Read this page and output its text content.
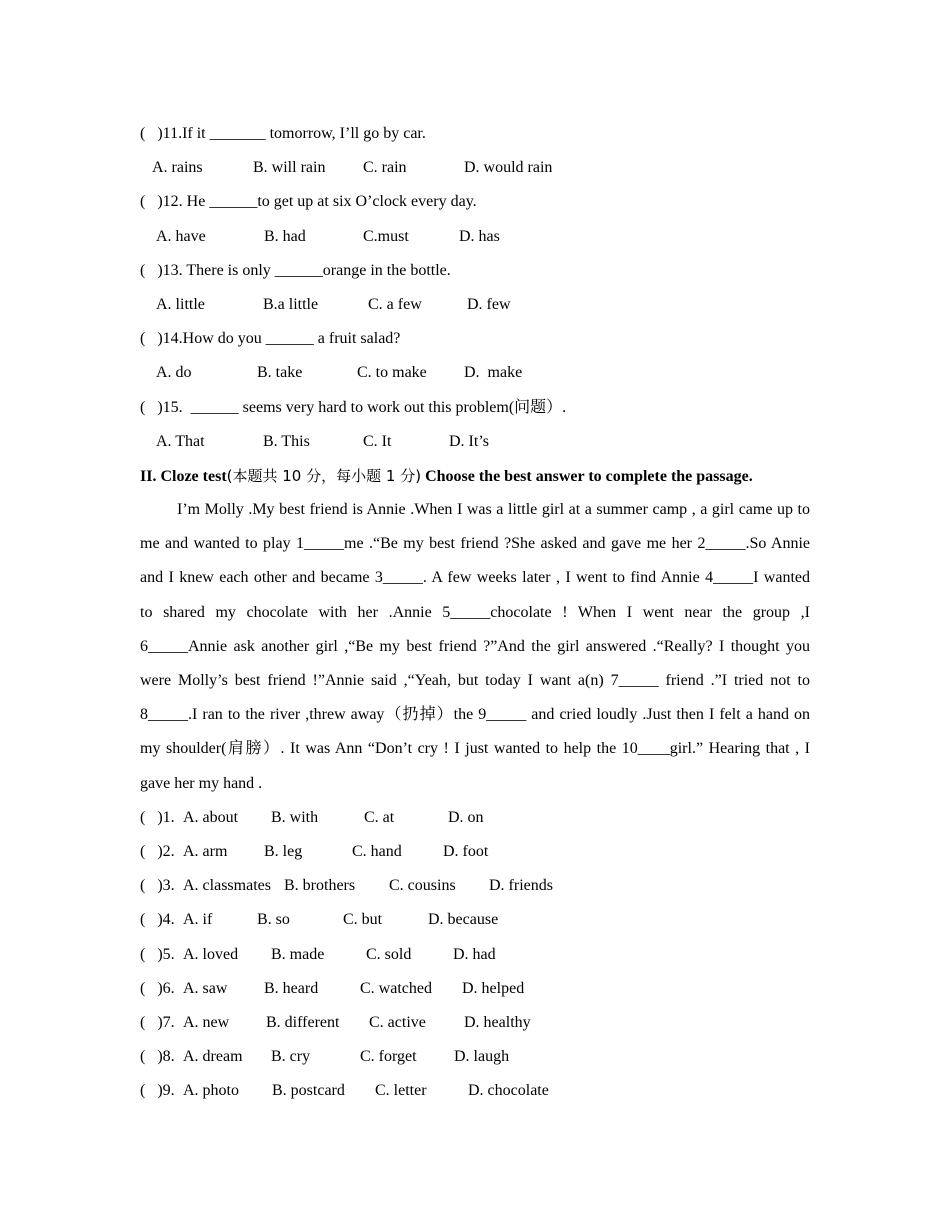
(   )11.If it _______ tomorrow, I’ll go by car.
A. rains	B. will rain C. rain	D. would rain
(   )12. He ______to get up at six O’clock every day.
A. have	B. had	C.must	D. has
(   )13. There is only ______orange in the bottle.
A. little	B.a little	C. a few	D. few
(   )14.How do you ______ a fruit salad?
A. do	B. take	C. to make D.  make
(   )15.  ______ seems very hard to work out this problem(问题）.
A. That	B. This	C. It	D. It’s
II. Cloze test(本题共 10 分，每小题 1 分) Choose the best answer to complete the passage.
I’m Molly .My best friend is Annie .When I was a little girl at a summer camp , a girl came up to
me and wanted to play 1_____me .“Be my best friend ?She asked and gave me her 2_____.So Annie
and I knew each other and became 3_____. A few weeks later , I went to find Annie 4_____I wanted
to shared my chocolate with her .Annie 5_____chocolate ! When I went near the group ,I
6_____Annie ask another girl ,“Be my best friend ?”And the girl answered .“Really? I thought you
were Molly’s best friend !”Annie said ,“Yeah, but today I want a(n) 7_____ friend .”I tried not to
8_____.I ran to the river ,threw away（扔掉）the 9_____ and cried loudly .Just then I felt a hand on
my shoulder(肩膀）. It was Ann “Don’t cry ! I just wanted to help the 10____girl.” Hearing that , I
gave her my hand .
(   )1. A. about B. with	C. at	D. on
(   )2. A. arm B. leg	C. hand	D. foot
(   )3. A. classmates B. brothers C. cousins D. friends
(   )4. A. if	B. so	C. but	D. because
(   )5. A. loved B. made	C. sold	D. had
(   )6. A. saw B. heard	C. watched D. helped
(   )7. A. new B. different C. active D. healthy
(   )8. A. dream B. cry	C. forget D. laugh
(   )9. A. photo B. postcard C. letter	D. chocolate
